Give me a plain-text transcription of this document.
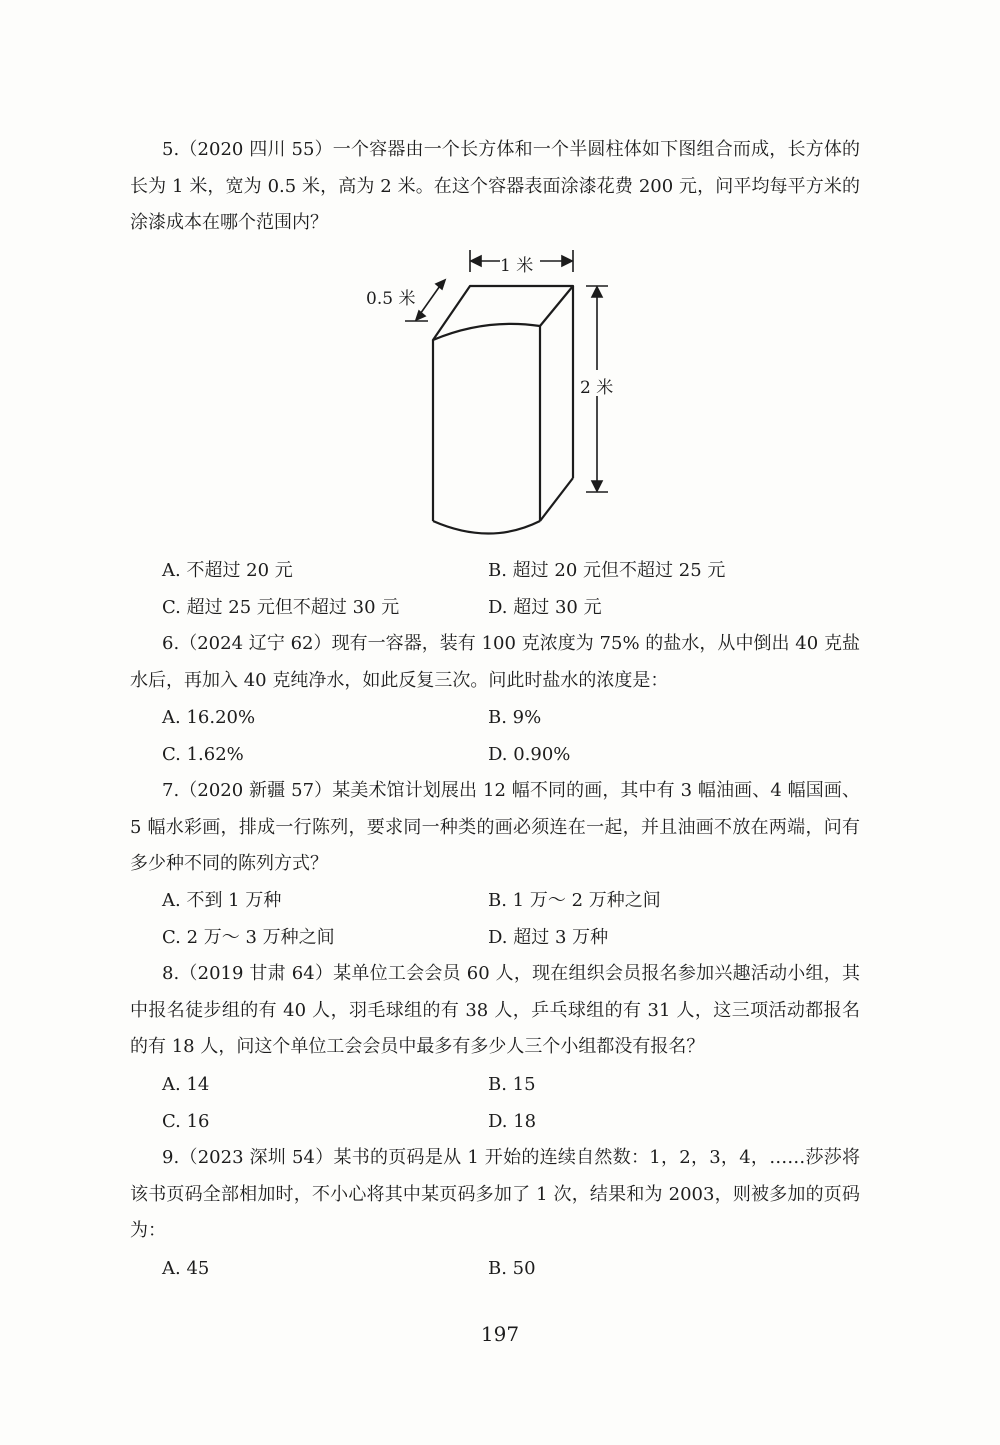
5.（2020 四川 55）一个容器由一个长方体和一个半圆柱体如下图组合而成，长方体的长为 1 米，宽为 0.5 米，高为 2 米。在这个容器表面涂漆花费 200 元，问平均每平方米的涂漆成本在哪个范围内？

1 米
0.5 米
2 米
A. 不超过 20 元	B. 超过 20 元但不超过 25 元
C. 超过 25 元但不超过 30 元	D. 超过 30 元

6.（2024 辽宁 62）现有一容器，装有 100 克浓度为 75% 的盐水，从中倒出 40 克盐水后，再加入 40 克纯净水，如此反复三次。问此时盐水的浓度是：

A. 16.20%	B. 9%
C. 1.62%	D. 0.90%

7.（2020 新疆 57）某美术馆计划展出 12 幅不同的画，其中有 3 幅油画、4 幅国画、5 幅水彩画，排成一行陈列，要求同一种类的画必须连在一起，并且油画不放在两端，问有多少种不同的陈列方式？

A. 不到 1 万种	B. 1 万～ 2 万种之间
C. 2 万～ 3 万种之间	D. 超过 3 万种

8.（2019 甘肃 64）某单位工会会员 60 人，现在组织会员报名参加兴趣活动小组，其中报名徒步组的有 40 人，羽毛球组的有 38 人，乒乓球组的有 31 人，这三项活动都报名的有 18 人，问这个单位工会会员中最多有多少人三个小组都没有报名？

A. 14	B. 15
C. 16	D. 18

9.（2023 深圳 54）某书的页码是从 1 开始的连续自然数：1，2，3，4，……莎莎将该书页码全部相加时，不小心将其中某页码多加了 1 次，结果和为 2003，则被多加的页码为：

A. 45	B. 50
197
